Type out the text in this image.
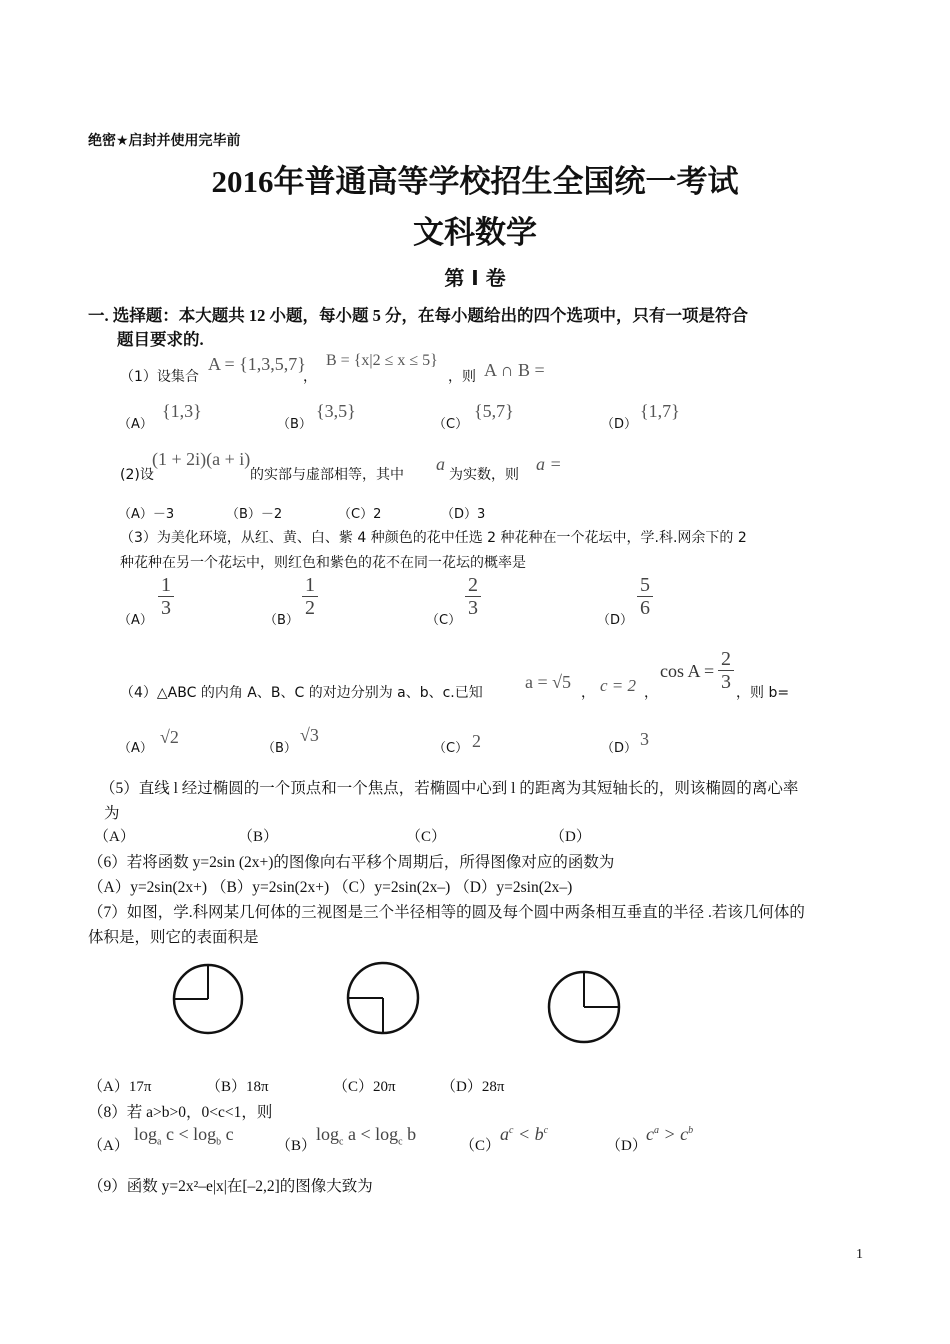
绝密★启封并使用完毕前
2016年普通高等学校招生全国统一考试
文科数学
第 Ⅰ 卷
一. 选择题：本大题共 12 小题，每小题 5 分，在每小题给出的四个选项中，只有一项是符合
题目要求的.
（1）设集合
A = {1,3,5,7}
，
B = {x|2 ≤ x ≤ 5}
，则 A ∩ B =
（A）
{1,3}
（B）
{3,5}
（C）
{5,7}
（D）
{1,7}
(2)设
(1 + 2i)(a + i)
的实部与虚部相等，其中
a
为实数，则
a =
（A）－3	（B）－2	（C）2	（D）3
（3）为美化环境，从红、黄、白、紫 4 种颜色的花中任选 2 种花种在一个花坛中，学.科.网余下的 2
种花种在另一个花坛中，则红色和紫色的花不在同一花坛的概率是
（A）
1
3
（B）
1
2
（C）
2
3
（D）
5
6
（4）△ABC 的内角 A、B、C 的对边分别为 a、b、c.已知
a = √5
， c = 2 ，
cos A =
2
3 ，则 b=
（A）
√2
（B）
√3
（C） 2	（D） 3
（5）直线 l 经过椭圆的一个顶点和一个焦点，若椭圆中心到 l 的距离为其短轴长的，则该椭圆的离心率
为
（A）	（B）	（C）	（D）
（6）若将函数 y=2sin (2x+)的图像向右平移个周期后，所得图像对应的函数为
（A）y=2sin(2x+) （B）y=2sin(2x+) （C）y=2sin(2x–) （D）y=2sin(2x–)
（7）如图，学.科网某几何体的三视图是三个半径相等的圆及每个圆中两条相互垂直的半径 .若该几何体的
体积是，则它的表面积是
（A）17π	（B）18π	（C）20π	（D）28π
（8）若 a>b>0，0<c<1，则
（A）
$\log_a c < \log_b c$
（B）
$\log_c a < \log_c b$
（C）
$a^c < b^c$
（D）
$c^a > c^b$
（9）函数 y=2x²–e|x|在[–2,2]的图像大致为
1
